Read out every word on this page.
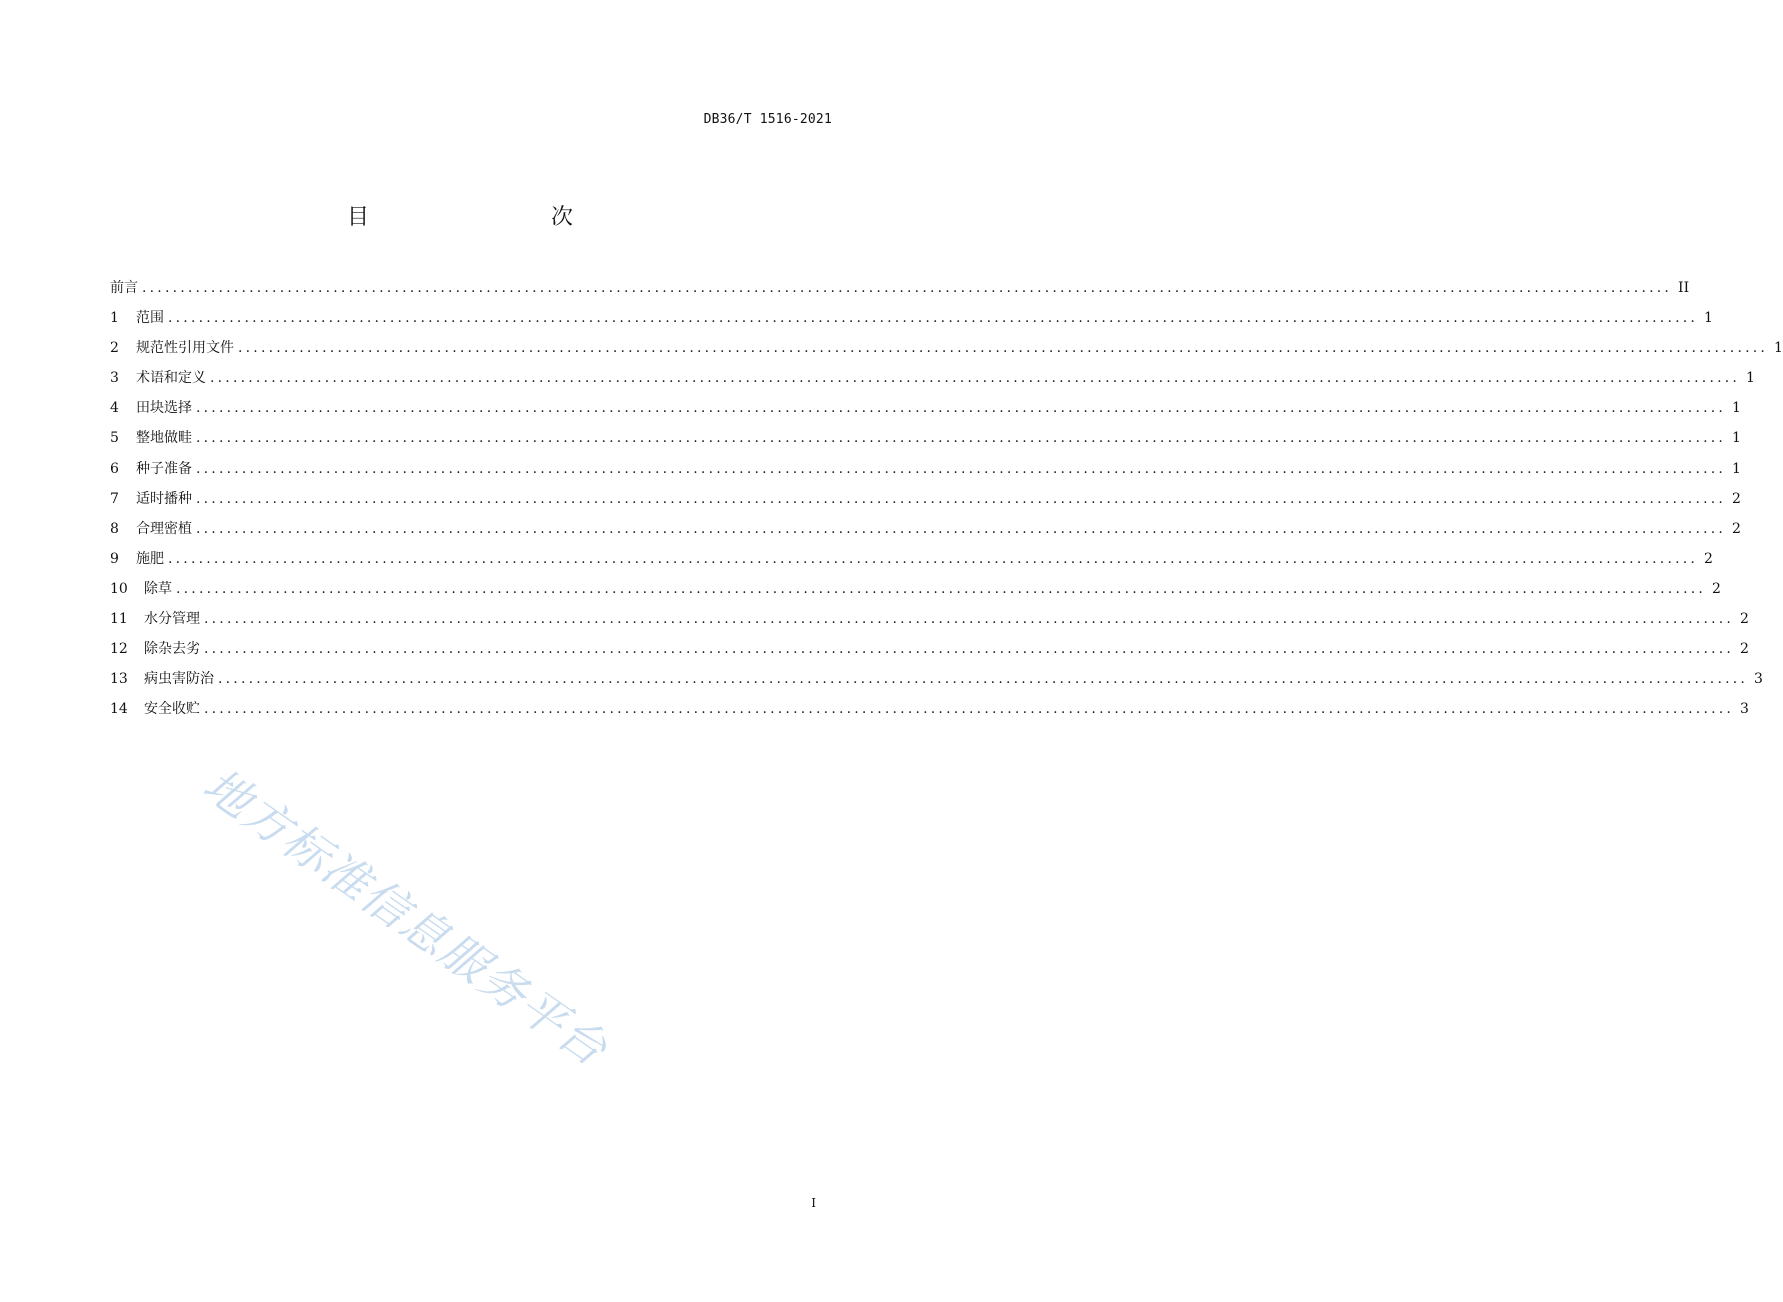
DB36/T 1516-2021
目　　次
前言 ........................................................................................................................................................................................................ II
1	范围 ........................................................................................................................................................................................................ 1
2	规范性引用文件 ........................................................................................................................................................................................................ 1
3	术语和定义 ........................................................................................................................................................................................................ 1
4	田块选择 ........................................................................................................................................................................................................ 1
5	整地做畦 ........................................................................................................................................................................................................ 1
6	种子准备 ........................................................................................................................................................................................................ 1
7	适时播种 ........................................................................................................................................................................................................ 2
8	合理密植 ........................................................................................................................................................................................................ 2
9	施肥 ........................................................................................................................................................................................................ 2
10	除草 ........................................................................................................................................................................................................ 2
11	水分管理 ........................................................................................................................................................................................................ 2
12	除杂去劣 ........................................................................................................................................................................................................ 2
13	病虫害防治 ........................................................................................................................................................................................................ 3
14	安全收贮 ........................................................................................................................................................................................................ 3
地方标准信息服务平台
I
